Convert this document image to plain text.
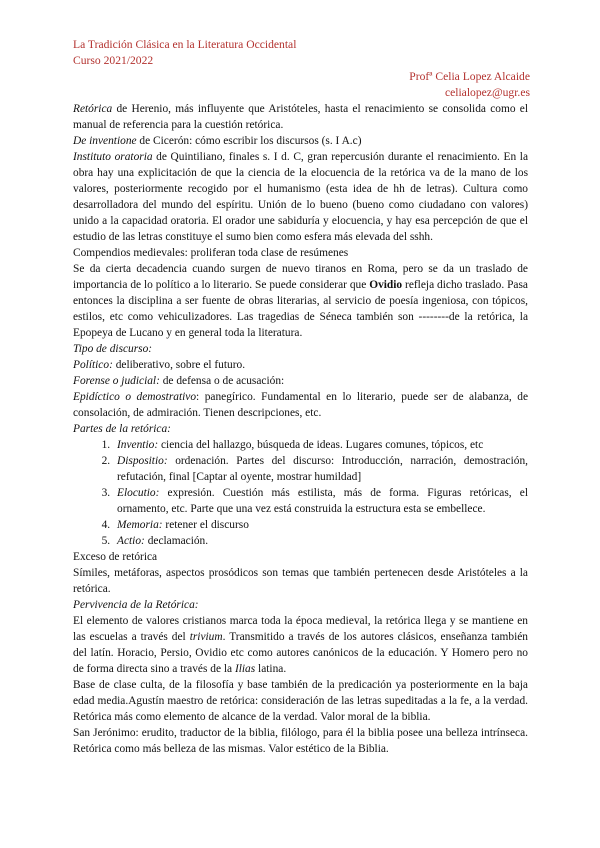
La Tradición Clásica en la Literatura Occidental
Curso 2021/2022
Profª Celia Lopez Alcaide
celialopez@ugr.es

Retórica de Herenio, más influyente que Aristóteles, hasta el renacimiento se consolida como el manual de referencia para la cuestión retórica.

De inventione de Cicerón: cómo escribir los discursos (s. I A.c)

Instituto oratoria de Quintiliano, finales s. I d. C, gran repercusión durante el renacimiento. En la obra hay una explicitación de que la ciencia de la elocuencia de la retórica va de la mano de los valores, posteriormente recogido por el humanismo (esta idea de hh de letras). Cultura como desarrolladora del mundo del espíritu. Unión de lo bueno (bueno como ciudadano con valores) unido a la capacidad oratoria. El orador une sabiduría y elocuencia, y hay esa percepción de que el estudio de las letras constituye el sumo bien como esfera más elevada del sshh.

Compendios medievales: proliferan toda clase de resúmenes

Se da cierta decadencia cuando surgen de nuevo tiranos en Roma, pero se da un traslado de importancia de lo político a lo literario. Se puede considerar que Ovidio refleja dicho traslado. Pasa entonces la disciplina a ser fuente de obras literarias, al servicio de poesía ingeniosa, con tópicos, estilos, etc como vehiculizadores. Las tragedias de Séneca también son --------de la retórica, la Epopeya de Lucano y en general toda la literatura.

Tipo de discurso:

Político: deliberativo, sobre el futuro.

Forense o judicial: de defensa o de acusación:

Epidíctico o demostrativo: panegírico. Fundamental en lo literario, puede ser de alabanza, de consolación, de admiración. Tienen descripciones, etc.

Partes de la retórica:

1. Inventio: ciencia del hallazgo, búsqueda de ideas. Lugares comunes, tópicos, etc
2. Dispositio: ordenación. Partes del discurso: Introducción, narración, demostración, refutación, final [Captar al oyente, mostrar humildad]
3. Elocutio: expresión. Cuestión más estilista, más de forma. Figuras retóricas, el ornamento, etc. Parte que una vez está construida la estructura esta se embellece.
4. Memoria: retener el discurso
5. Actio: declamación.

Exceso de retórica

Símiles, metáforas, aspectos prosódicos son temas que también pertenecen desde Aristóteles a la retórica.

Pervivencia de la Retórica:

El elemento de valores cristianos marca toda la época medieval, la retórica llega y se mantiene en las escuelas a través del trivium. Transmitido a través de los autores clásicos, enseñanza también del latín. Horacio, Persio, Ovidio etc como autores canónicos de la educación. Y Homero pero no de forma directa sino a través de la Ilias latina.

Base de clase culta, de la filosofía y base también de la predicación ya posteriormente en la baja edad media.Agustín maestro de retórica: consideración de las letras supeditadas a la fe, a la verdad. Retórica más como elemento de alcance de la verdad. Valor moral de la biblia.

San Jerónimo: erudito, traductor de la biblia, filólogo, para él la biblia posee una belleza intrínseca. Retórica como más belleza de las mismas. Valor estético de la Biblia.
